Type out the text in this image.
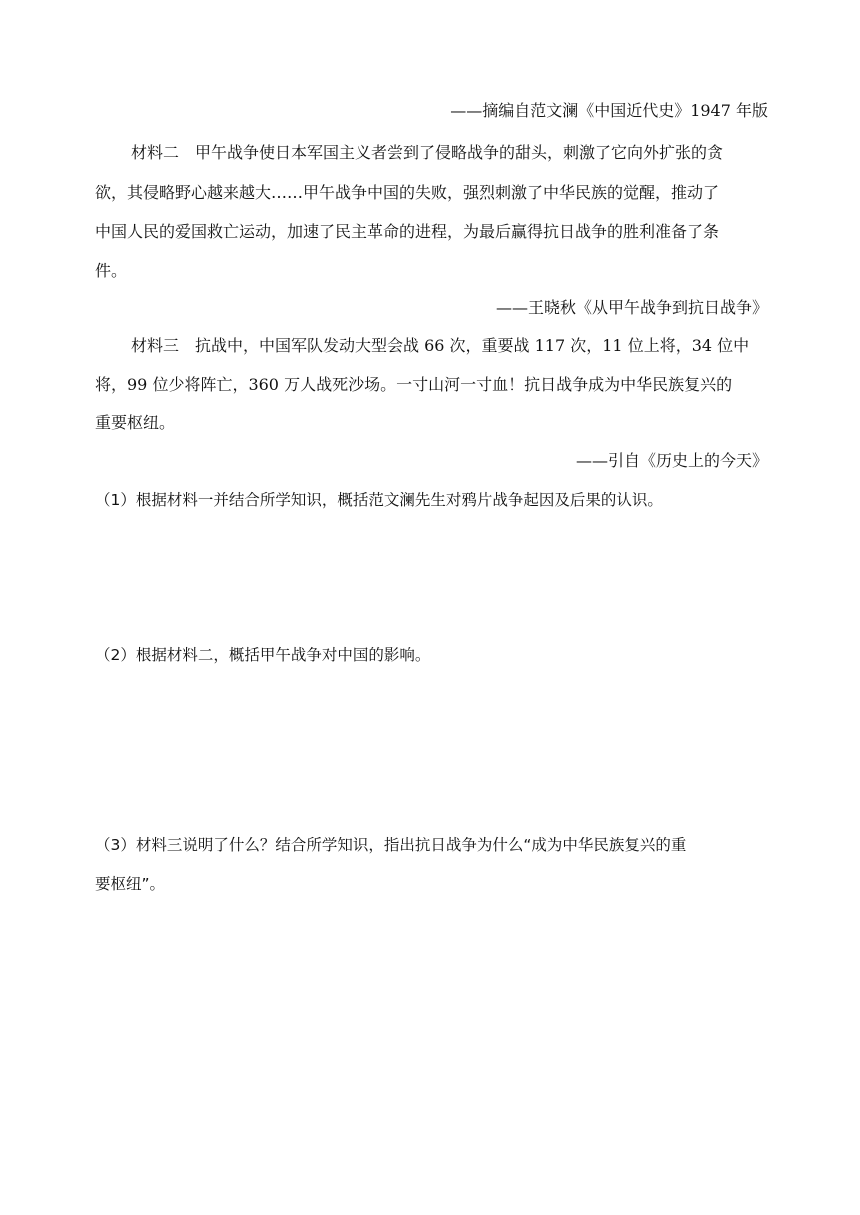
——摘编自范文澜《中国近代史》1947 年版
材料二　甲午战争使日本军国主义者尝到了侵略战争的甜头，刺激了它向外扩张的贪
欲，其侵略野心越来越大……甲午战争中国的失败，强烈刺激了中华民族的觉醒，推动了
中国人民的爱国救亡运动，加速了民主革命的进程，为最后赢得抗日战争的胜利准备了条
件。
——王晓秋《从甲午战争到抗日战争》
材料三　抗战中，中国军队发动大型会战 66 次，重要战 117 次，11 位上将，34 位中
将，99 位少将阵亡，360 万人战死沙场。一寸山河一寸血！抗日战争成为中华民族复兴的
重要枢纽。
——引自《历史上的今天》
（1）根据材料一并结合所学知识，概括范文澜先生对鸦片战争起因及后果的认识。
（2）根据材料二，概括甲午战争对中国的影响。
（3）材料三说明了什么？结合所学知识，指出抗日战争为什么“成为中华民族复兴的重
要枢纽”。
